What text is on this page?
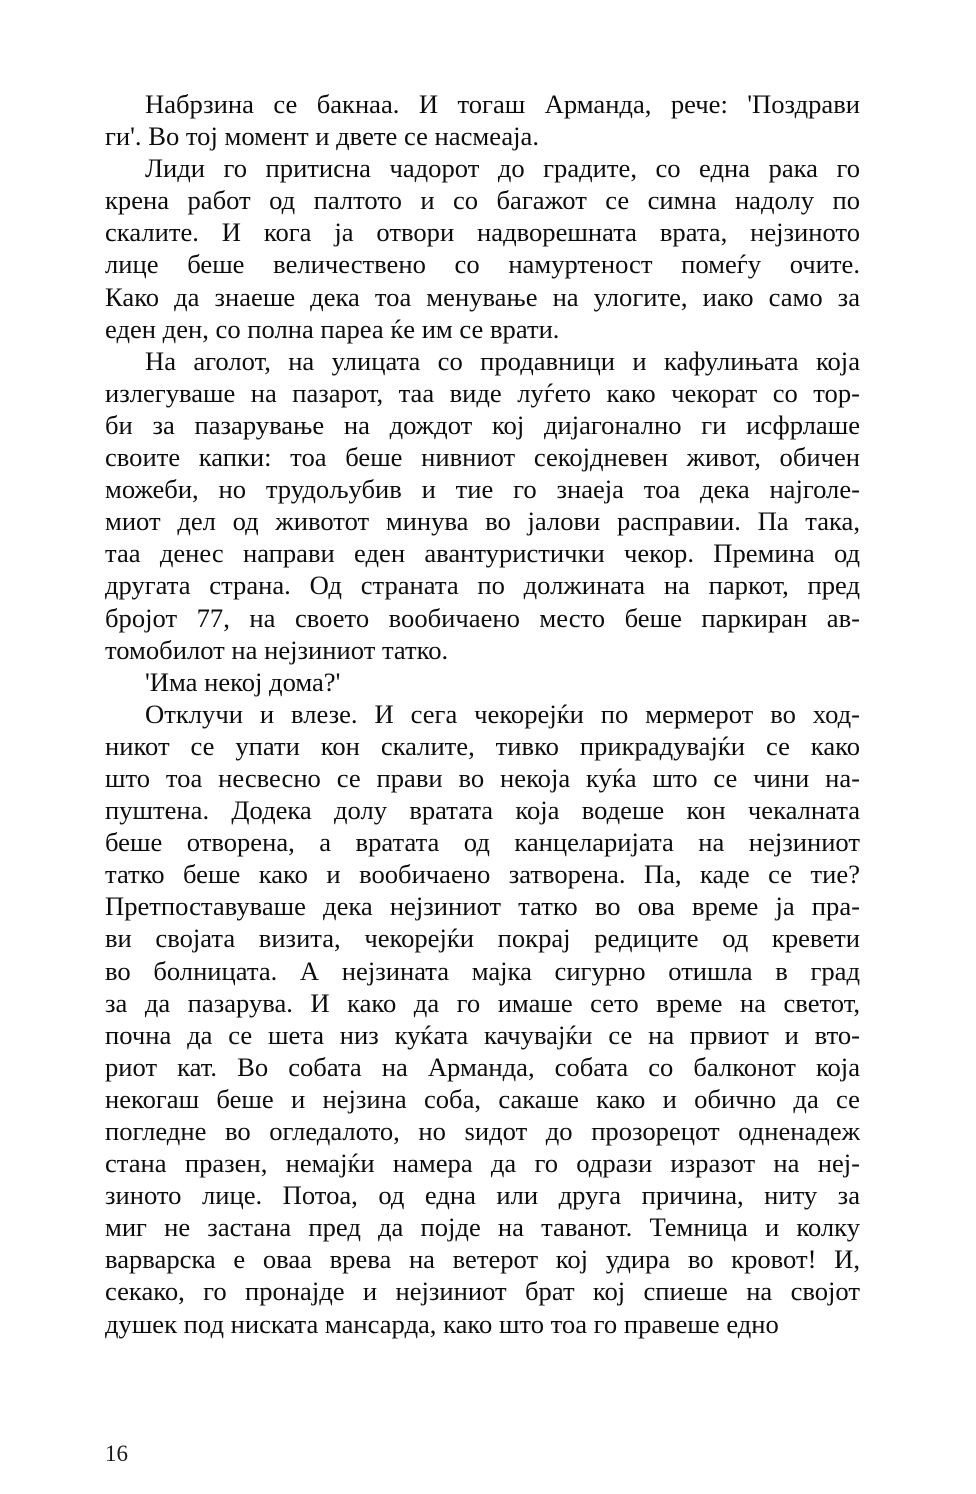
Набрзина се бакнаа. И тогаш Арманда, рече: 'Поздрави
ги'. Во тој момент и двете се насмеаја.

Лиди го притисна чадорот до градите, со една рака го
крена работ од палтото и со багажот се симна надолу по
скалите. И кога ја отвори надворешната врата, нејзиното
лице беше величествено со намуртеност помеѓу очите.
Како да знаеше дека тоа менување на улогите, иако само за
еден ден, со полна пареа ќе им се врати.

На аголот, на улицата со продавници и кафулињата која
излегуваше на пазарот, таа виде луѓето како чекорат со тор-
би за пазарување на дождот кој дијагонално ги исфрлаше
своите капки: тоа беше нивниот секојдневен живот, обичен
можеби, но трудољубив и тие го знаеја тоа дека најголе-
миот дел од животот минува во јалови расправии. Па така,
таа денес направи еден авантуристички чекор. Премина од
другата страна. Од страната по должината на паркот, пред
бројот 77, на своето вообичаено место беше паркиран ав-
томобилот на нејзиниот татко.

'Има некој дома?'

Отклучи и влезе. И сега чекорејќи по мермерот во ход-
никот се упати кон скалите, тивко прикрадувајќи се како
што тоа несвесно се прави во некоја куќа што се чини на-
пуштена. Додека долу вратата која водеше кон чекалната
беше отворена, а вратата од канцеларијата на нејзиниот
татко беше како и вообичаено затворена. Па, каде се тие?
Претпоставуваше дека нејзиниот татко во ова време ја пра-
ви својата визита, чекорејќи покрај редиците од кревети
во болницата. А нејзината мајка сигурно отишла в град
за да пазарува. И како да го имаше сето време на светот,
почна да се шета низ куќата качувајќи се на првиот и вто-
риот кат. Во собата на Арманда, собата со балконот која
некогаш беше и нејзина соба, сакаше како и обично да се
погледне во огледалото, но ѕидот до прозорецот одненадеж
стана празен, немајќи намера да го одрази изразот на неј-
зиното лице. Потоа, од една или друга причина, ниту за
миг не застана пред да појде на таванот. Темница и колку
варварска е оваа врева на ветерот кој удира во кровот! И,
секако, го пронајде и нејзиниот брат кој спиеше на својот
душек под ниската мансарда, како што тоа го правеше едно

16
